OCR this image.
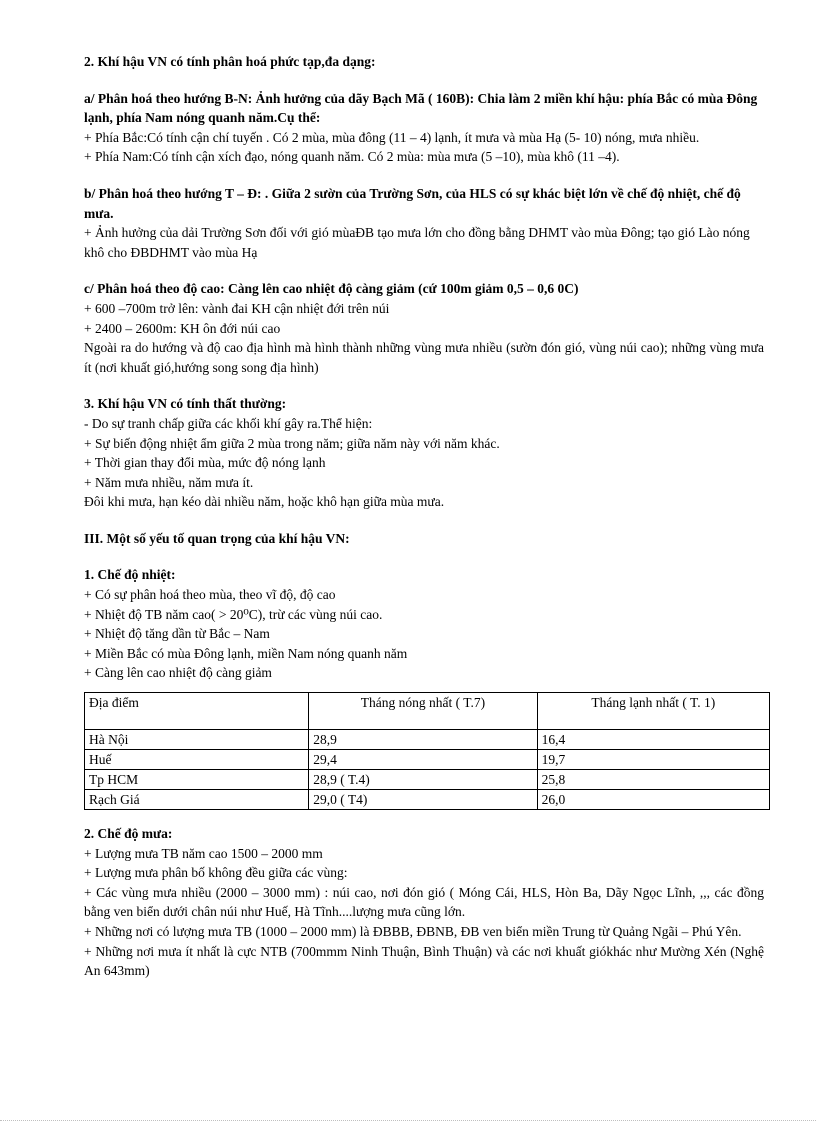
2. Khí hậu VN có tính phân hoá phức tạp,đa dạng:

a/ Phân hoá theo hướng B-N: Ảnh hưởng của dãy Bạch Mã ( 160B): Chia làm 2 miền khí hậu: phía Bắc có mùa Đông lạnh, phía Nam nóng quanh năm.Cụ thể:

+ Phía Bắc:Có tính cận chí tuyến . Có 2 mùa, mùa đông (11 – 4) lạnh, ít mưa và mùa Hạ (5- 10) nóng, mưa nhiều.

+ Phía Nam:Có tính cận xích đạo, nóng quanh năm. Có 2 mùa: mùa mưa (5 –10), mùa khô (11 –4).

b/ Phân hoá theo hướng T – Đ: . Giữa 2 sườn của Trường Sơn, của HLS có sự khác biệt lớn về chế độ nhiệt, chế độ mưa.

+ Ảnh hưởng của dải Trường Sơn đối với gió mùaĐB tạo mưa lớn cho đồng bằng DHMT vào mùa Đông; tạo gió Lào nóng khô cho ĐBDHMT vào mùa Hạ

c/ Phân hoá theo độ cao: Càng lên cao nhiệt độ càng giảm (cứ 100m giảm 0,5 – 0,6 0C)

+ 600 –700m trở lên: vành đai KH cận nhiệt đới trên núi

+ 2400 – 2600m: KH ôn đới núi cao

Ngoài ra do hướng và độ cao địa hình mà hình thành những vùng mưa nhiều (sườn đón gió, vùng núi cao); những vùng mưa ít (nơi khuất gió,hướng song song địa hình)

3. Khí hậu VN có tính thất thường:

- Do sự tranh chấp giữa các khối khí gây ra.Thể hiện:

+ Sự biến động nhiệt ẩm giữa 2 mùa trong năm; giữa năm này với năm khác.

+ Thời gian thay đổi mùa, mức độ nóng lạnh

+ Năm mưa nhiều, năm mưa ít.

Đôi khi mưa, hạn kéo dài nhiều năm, hoặc khô hạn giữa mùa mưa.

III. Một số yếu tố quan trọng của khí hậu VN:

1. Chế độ nhiệt:

+ Có sự phân hoá theo mùa, theo vĩ độ, độ cao

+ Nhiệt độ TB năm cao( > 20⁰C), trừ các vùng núi cao.

+ Nhiệt độ tăng dần từ Bắc – Nam

+ Miền Bắc có mùa Đông lạnh, miền Nam nóng quanh năm

+ Càng lên cao nhiệt độ càng giảm

Địa điểm	Tháng nóng nhất ( T.7)	Tháng lạnh nhất ( T. 1)
Hà Nội	28,9	16,4
Huế	29,4	19,7
Tp HCM	28,9 ( T.4)	25,8
Rạch Giá	29,0 ( T4)	26,0

2. Chế độ mưa:

+ Lượng mưa TB năm cao 1500 – 2000 mm

+ Lượng mưa phân bố không đều giữa các vùng:

+ Các vùng mưa nhiều (2000 – 3000 mm) : núi cao, nơi đón gió ( Móng Cái, HLS, Hòn Ba, Dãy Ngọc Lĩnh, ,,, các đồng bằng ven biển dưới chân núi như Huế, Hà Tĩnh....lượng mưa cũng lớn.

+ Những nơi có lượng mưa TB (1000 – 2000 mm) là ĐBBB, ĐBNB, ĐB ven biển miền Trung từ Quảng Ngãi – Phú Yên.

+ Những nơi mưa ít nhất là cực NTB (700mmm Ninh Thuận, Bình Thuận) và các nơi khuất giókhác như Mường Xén (Nghệ An 643mm)
